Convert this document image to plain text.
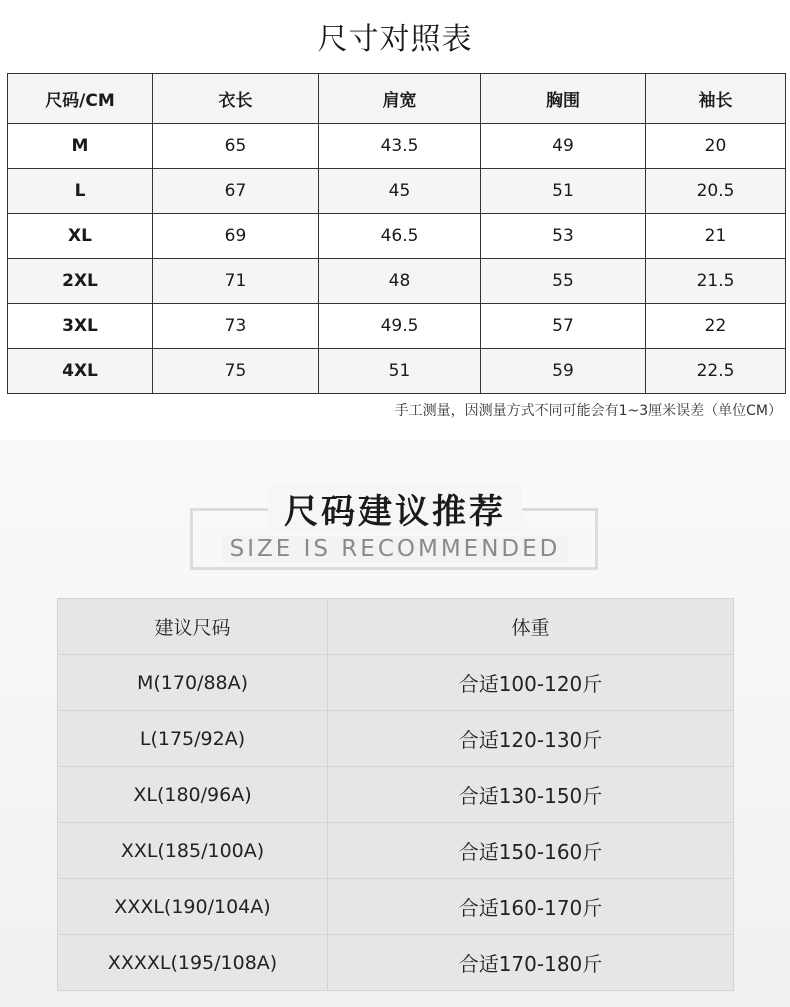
尺寸对照表
尺码/CM	衣长	肩宽	胸围	袖长
M	65	43.5	49	20
L	67	45	51	20.5
XL	69	46.5	53	21
2XL	71	48	55	21.5
3XL	73	49.5	57	22
4XL	75	51	59	22.5
手工测量，因测量方式不同可能会有1~3厘米误差（单位CM）
尺码建议推荐
SIZE IS RECOMMENDED
建议尺码	体重
M(170/88A)	合适100-120斤
L(175/92A)	合适120-130斤
XL(180/96A)	合适130-150斤
XXL(185/100A)	合适150-160斤
XXXL(190/104A)	合适160-170斤
XXXXL(195/108A)	合适170-180斤
